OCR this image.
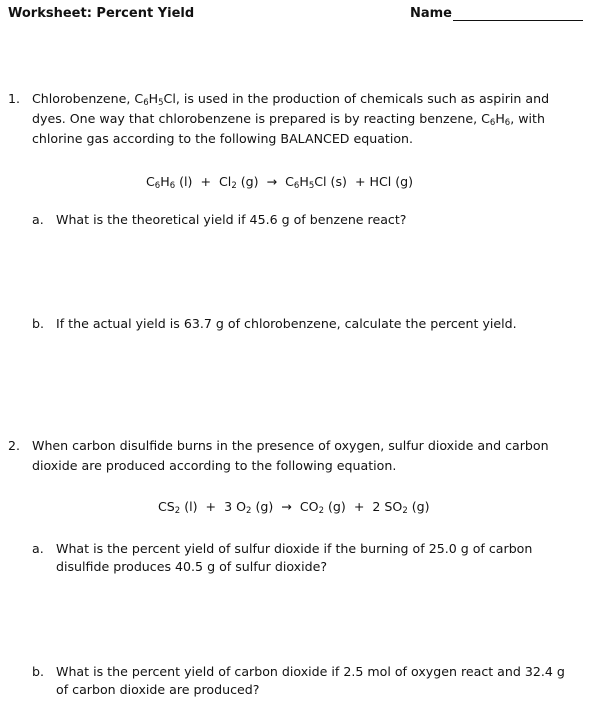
Worksheet: Percent Yield	Name
1. Chlorobenzene, $C_6H_5Cl$, is used in the production of chemicals such as aspirin and dyes. One way that chlorobenzene is prepared is by reacting benzene, $C_6H_6$, with chlorine gas according to the following BALANCED equation.
$C_6H_6$ $(l) + Cl_2$ $(g) \to C_6H_5Cl$ (s)  + HCl (g)
a. What is the theoretical yield if 45.6 g of benzene react?
b. If the actual yield is 63.7 g of chlorobenzene, calculate the percent yield.
2. When carbon disulfide burns in the presence of oxygen, sulfur dioxide and carbon dioxide are produced according to the following equation.
$CS_2$ (l)  +  3 $O_2$ $(g) \to CO_2$ (g)  +  2 $SO_2$ (g)
a. What is the percent yield of sulfur dioxide if the burning of 25.0 g of carbon disulfide produces 40.5 g of sulfur dioxide?
b. What is the percent yield of carbon dioxide if 2.5 mol of oxygen react and 32.4 g of carbon dioxide are produced?
